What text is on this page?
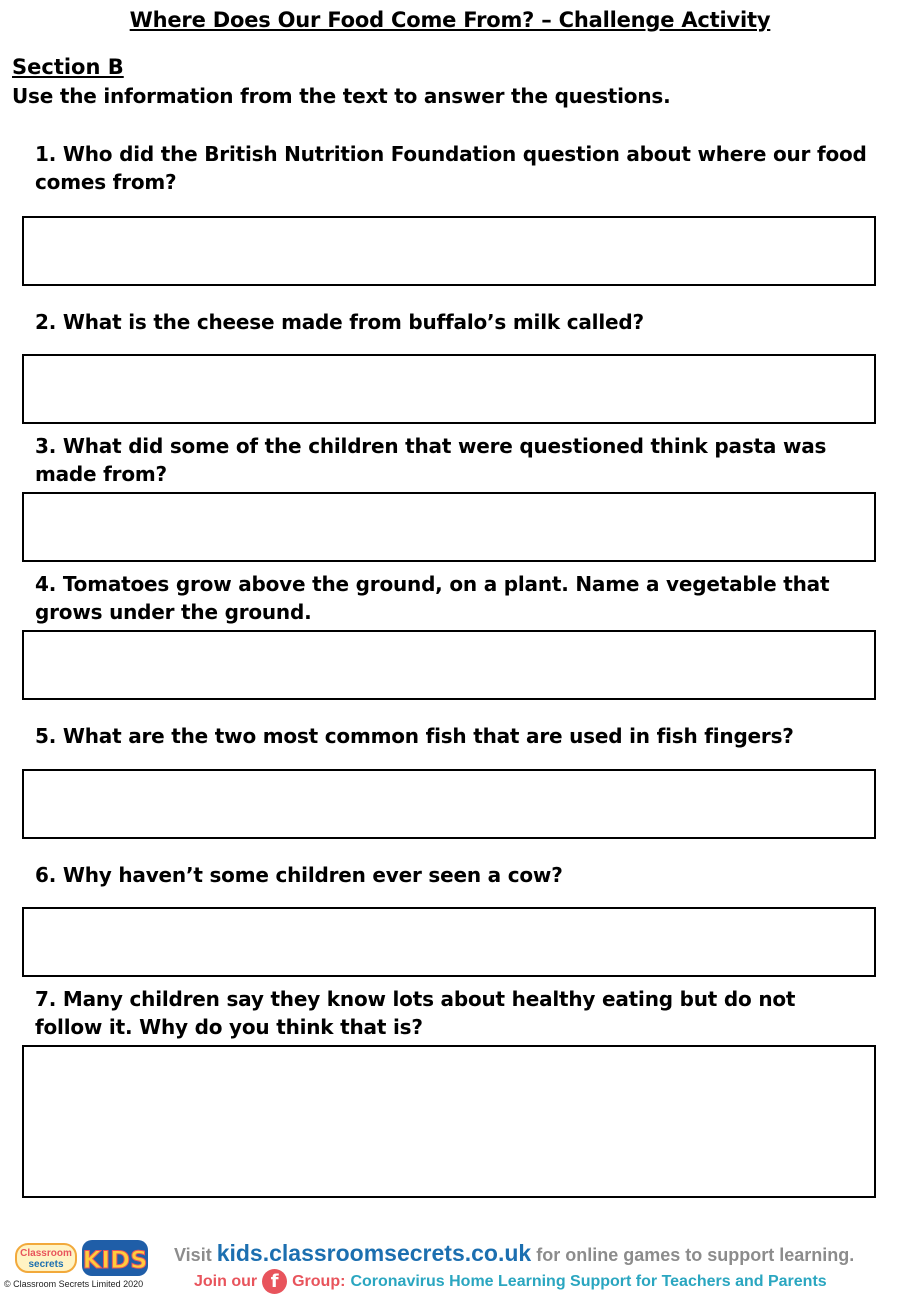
Where Does Our Food Come From? – Challenge Activity
Section B
Use the information from the text to answer the questions.
1. Who did the British Nutrition Foundation question about where our food
comes from?
2. What is the cheese made from buffalo’s milk called?
3. What did some of the children that were questioned think pasta was
made from?
4. Tomatoes grow above the ground, on a plant. Name a vegetable that
grows under the ground.
5. What are the two most common fish that are used in fish fingers?
6. Why haven’t some children ever seen a cow?
7. Many children say they know lots about healthy eating but do not
follow it. Why do you think that is?
Classroom
secrets KIDS
© Classroom Secrets Limited 2020
Visit kids.classroomsecrets.co.uk for online games to support learning.
Join our f Group: Coronavirus Home Learning Support for Teachers and Parents
